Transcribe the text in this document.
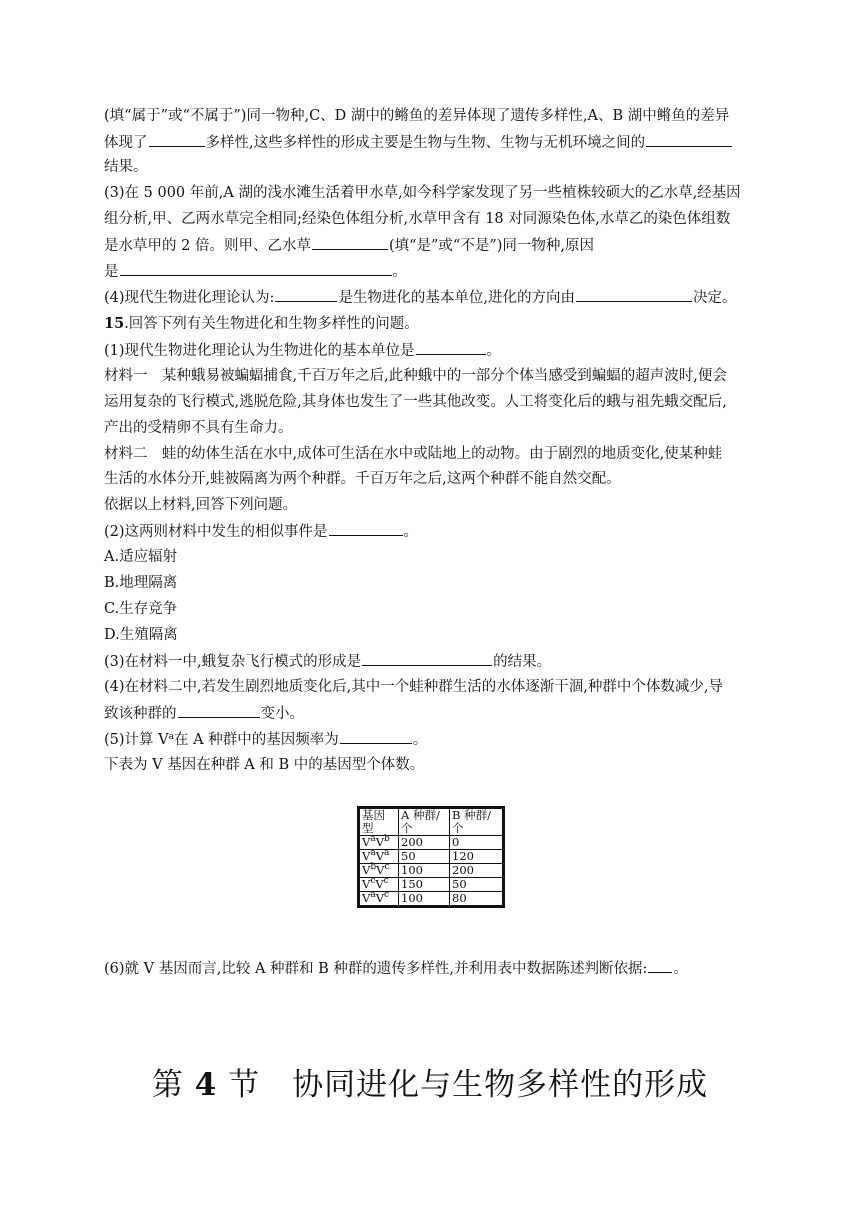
(填“属于”或“不属于”)同一物种,C、D 湖中的鳉鱼的差异体现了遗传多样性,A、B 湖中鳉鱼的差异
体现了	多样性,这些多样性的形成主要是生物与生物、生物与无机环境之间的
结果。
(3)在 5 000 年前,A 湖的浅水滩生活着甲水草,如今科学家发现了另一些植株较硕大的乙水草,经基因
组分析,甲、乙两水草完全相同;经染色体组分析,水草甲含有 18 对同源染色体,水草乙的染色体组数
是水草甲的 2 倍。则甲、乙水草	(填“是”或“不是”)同一物种,原因
是	。
(4)现代生物进化理论认为:	是生物进化的基本单位,进化的方向由	决定。
15.回答下列有关生物进化和生物多样性的问题。
(1)现代生物进化理论认为生物进化的基本单位是	。
材料一　某种蛾易被蝙蝠捕食,千百万年之后,此种蛾中的一部分个体当感受到蝙蝠的超声波时,便会
运用复杂的飞行模式,逃脱危险,其身体也发生了一些其他改变。人工将变化后的蛾与祖先蛾交配后,
产出的受精卵不具有生命力。
材料二　蛙的幼体生活在水中,成体可生活在水中或陆地上的动物。由于剧烈的地质变化,使某种蛙
生活的水体分开,蛙被隔离为两个种群。千百万年之后,这两个种群不能自然交配。
依据以上材料,回答下列问题。
(2)这两则材料中发生的相似事件是	。
A.适应辐射
B.地理隔离
C.生存竞争
D.生殖隔离
(3)在材料一中,蛾复杂飞行模式的形成是	的结果。
(4)在材料二中,若发生剧烈地质变化后,其中一个蛙种群生活的水体逐渐干涸,种群中个体数减少,导
致该种群的	变小。
(5)计算 $V^a$在 A 种群中的基因频率为	。
下表为 V 基因在种群 A 和 B 中的基因型个体数。
基因型	A 种群/个	B 种群/个
$V^aV^b$	200	0
$V^aV^a$	50	120
$V^bV^c$	100	200
$V^cV^c$	150	50
$V^aV^c$	100	80
(6)就 V 基因而言,比较 A 种群和 B 种群的遗传多样性,并利用表中数据陈述判断依据: 。
第 4 节　协同进化与生物多样性的形成
